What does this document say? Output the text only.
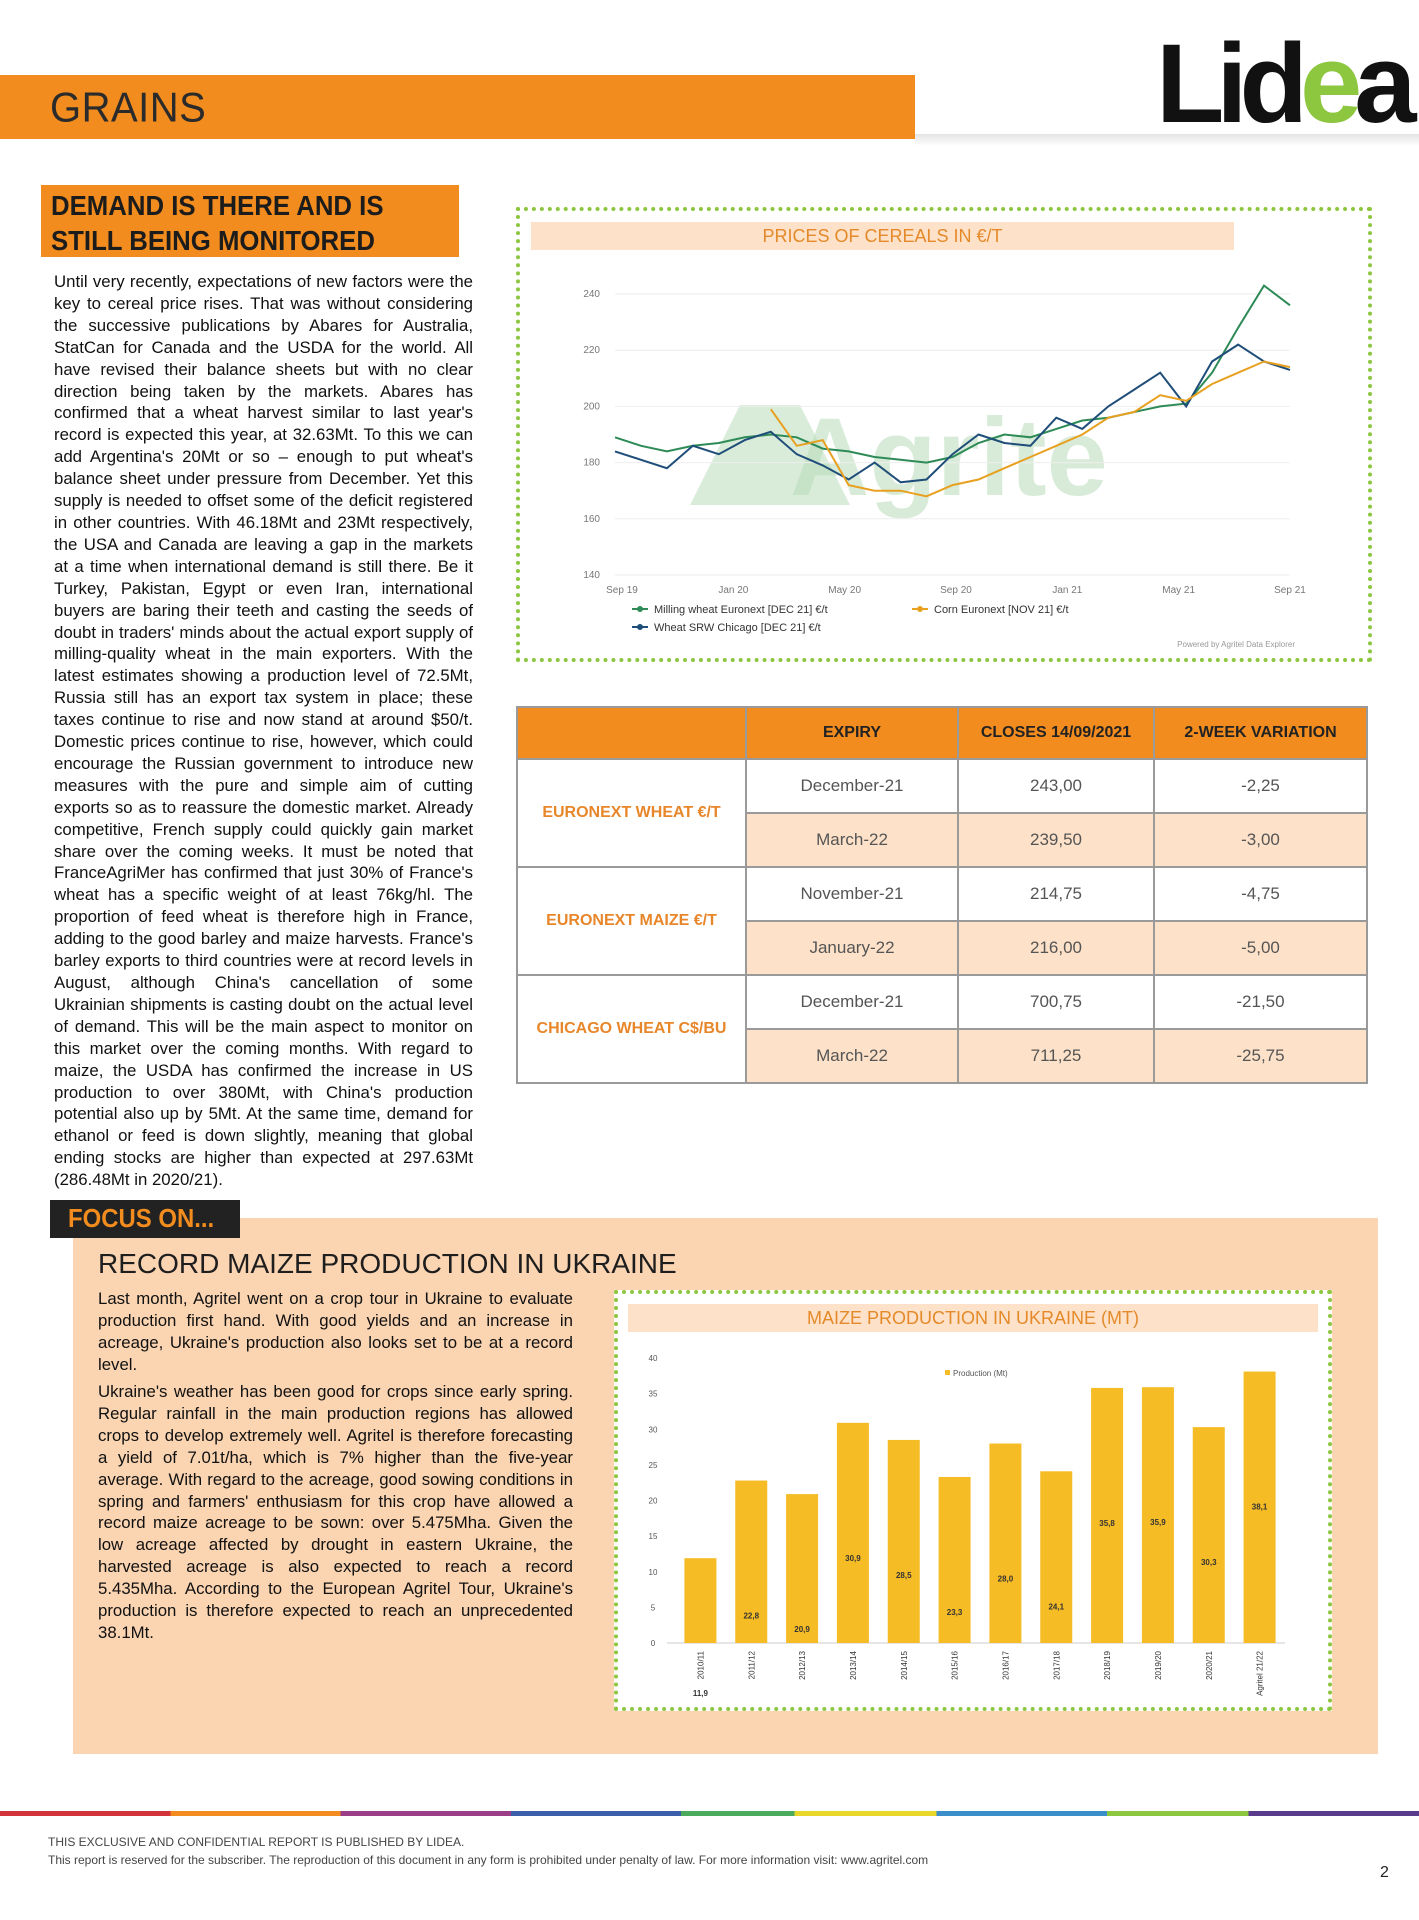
GRAINS	Lidea
DEMAND IS THERE AND IS STILL BEING MONITORED
Until very recently, expectations of new factors were the key to cereal price rises. That was without considering the successive publications by Abares for Australia, StatCan for Canada and the USDA for the world. All have revised their balance sheets but with no clear direction being taken by the markets. Abares has confirmed that a wheat harvest similar to last year's record is expected this year, at 32.63Mt. To this we can add Argentina's 20Mt or so – enough to put wheat's balance sheet under pressure from December. Yet this supply is needed to offset some of the deficit registered in other countries. With 46.18Mt and 23Mt respectively, the USA and Canada are leaving a gap in the markets at a time when international demand is still there. Be it Turkey, Pakistan, Egypt or even Iran, international buyers are baring their teeth and casting the seeds of doubt in traders' minds about the actual export supply of milling-quality wheat in the main exporters. With the latest estimates showing a production level of 72.5Mt, Russia still has an export tax system in place; these taxes continue to rise and now stand at around $50/t. Domestic prices continue to rise, however, which could encourage the Russian government to introduce new measures with the pure and simple aim of cutting exports so as to reassure the domestic market. Already competitive, French supply could quickly gain market share over the coming weeks. It must be noted that FranceAgriMer has confirmed that just 30% of France's wheat has a specific weight of at least 76kg/hl. The proportion of feed wheat is therefore high in France, adding to the good barley and maize harvests. France's barley exports to third countries were at record levels in August, although China's cancellation of some Ukrainian shipments is casting doubt on the actual level of demand. This will be the main aspect to monitor on this market over the coming months. With regard to maize, the USDA has confirmed the increase in US production to over 380Mt, with China's production potential also up by 5Mt. At the same time, demand for ethanol or feed is down slightly, meaning that global ending stocks are higher than expected at 297.63Mt (286.48Mt in 2020/21).
PRICES OF CEREALS IN €/T
Agrite
140
160
180
200
220
240
Sep 19	Jan 20	May 20	Sep 20	Jan 21	May 21	Sep 21
Milling wheat Euronext [DEC 21] €/t
Wheat SRW Chicago [DEC 21] €/t
Corn Euronext [NOV 21] €/t
Powered by Agritel Data Explorer
	EXPIRY	CLOSES 14/09/2021	2-WEEK VARIATION
EURONEXT WHEAT €/T	December-21	243,00	-2,25
	March-22	239,50	-3,00
EURONEXT MAIZE €/T	November-21	214,75	-4,75
	January-22	216,00	-5,00
CHICAGO WHEAT C$/BU	December-21	700,75	-21,50
	March-22	711,25	-25,75
FOCUS ON...
RECORD MAIZE PRODUCTION IN UKRAINE
Last month, Agritel went on a crop tour in Ukraine to evaluate production first hand. With good yields and an increase in acreage, Ukraine's production also looks set to be at a record level.
Ukraine's weather has been good for crops since early spring. Regular rainfall in the main production regions has allowed crops to develop extremely well. Agritel is therefore forecasting a yield of 7.01t/ha, which is 7% higher than the five-year average. With regard to the acreage, good sowing conditions in spring and farmers' enthusiasm for this crop have allowed a record maize acreage to be sown: over 5.475Mha. Given the low acreage affected by drought in eastern Ukraine, the harvested acreage is also expected to reach a record 5.435Mha. According to the European Agritel Tour, Ukraine's production is therefore expected to reach an unprecedented 38.1Mt.
MAIZE PRODUCTION IN UKRAINE (MT)
0
5
10
15
20
25
30
35
40
Production (Mt)
2010/11	2011/12	2012/13	2013/14	2014/15	2015/16	2016/17	2017/18	2018/19	2019/20	2020/21	Agritel 21/22
11,9
22,8
20,9
30,9
28,5
23,3
28,0
24,1
35,8	35,9
30,3
38,1
THIS EXCLUSIVE AND CONFIDENTIAL REPORT IS PUBLISHED BY LIDEA.
This report is reserved for the subscriber. The reproduction of this document in any form is prohibited under penalty of law. For more information visit: www.agritel.com
2
